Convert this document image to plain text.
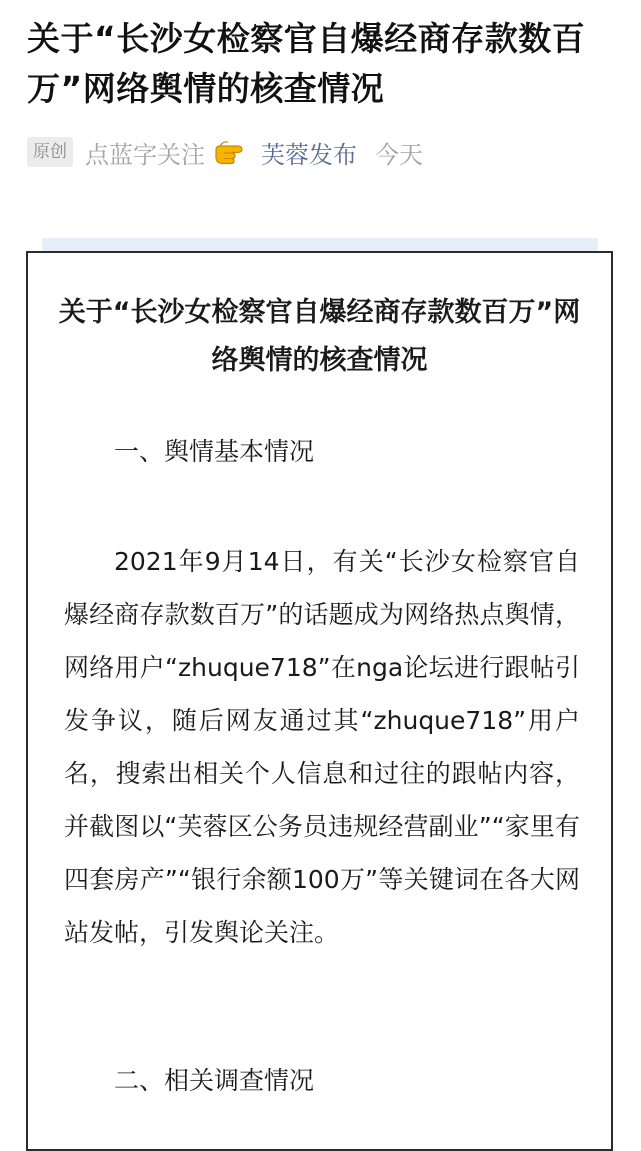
关于“长沙女检察官自爆经商存款数百万”网络舆情的核查情况
原创 点蓝字关注 芙蓉发布 今天
关于“长沙女检察官自爆经商存款数百万”网络舆情的核查情况
一、舆情基本情况

2021年9月14日，有关“长沙女检察官自爆经商存款数百万”的话题成为网络热点舆情，网络用户“zhuque718”在nga论坛进行跟帖引发争议，随后网友通过其“zhuque718”用户名，搜索出相关个人信息和过往的跟帖内容，并截图以“芙蓉区公务员违规经营副业”“家里有四套房产”“银行余额100万”等关键词在各大网站发帖，引发舆论关注。

二、相关调查情况
